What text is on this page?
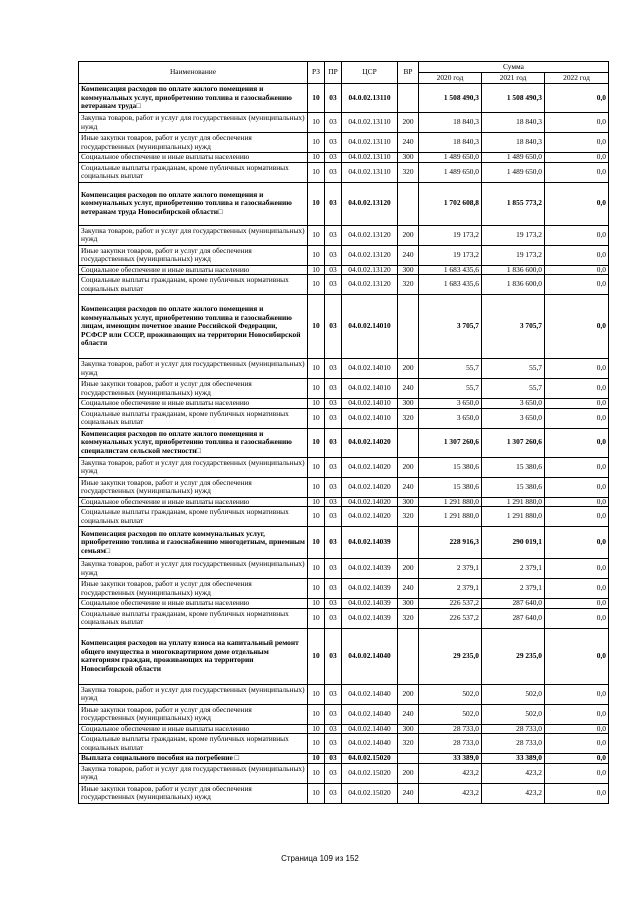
Наименование	РЗ	ПР	ЦСР	ВР	Сумма		
					2020 год	2021 год	2022 год
Компенсация расходов по оплате жилого помещения и коммунальных услуг, приобретению топлива и газоснабжению ветеранам труда□	10	03	04.0.02.13110		1 508 490,3	1 508 490,3	0,0
Закупка товаров, работ и услуг для государственных (муниципальных) нужд	10	03	04.0.02.13110	200	18 840,3	18 840,3	0,0
Иные закупки товаров, работ и услуг для обеспечения государственных (муниципальных) нужд	10	03	04.0.02.13110	240	18 840,3	18 840,3	0,0
Социальное обеспечение и иные выплаты населению	10	03	04.0.02.13110	300	1 489 650,0	1 489 650,0	0,0
Социальные выплаты гражданам, кроме публичных нормативных социальных выплат	10	03	04.0.02.13110	320	1 489 650,0	1 489 650,0	0,0
Компенсация расходов по оплате жилого помещения и коммунальных услуг, приобретению топлива и газоснабжению ветеранам труда Новосибирской области□	10	03	04.0.02.13120		1 702 608,8	1 855 773,2	0,0
Закупка товаров, работ и услуг для государственных (муниципальных) нужд	10	03	04.0.02.13120	200	19 173,2	19 173,2	0,0
Иные закупки товаров, работ и услуг для обеспечения государственных (муниципальных) нужд	10	03	04.0.02.13120	240	19 173,2	19 173,2	0,0
Социальное обеспечение и иные выплаты населению	10	03	04.0.02.13120	300	1 683 435,6	1 836 600,0	0,0
Социальные выплаты гражданам, кроме публичных нормативных социальных выплат	10	03	04.0.02.13120	320	1 683 435,6	1 836 600,0	0,0
Компенсация расходов по оплате жилого помещения и коммунальных услуг, приобретению топлива и газоснабжению лицам, имеющим почетное звание Российской Федерации, РСФСР или СССР, проживающих на территории Новосибирской области	10	03	04.0.02.14010		3 705,7	3 705,7	0,0
Закупка товаров, работ и услуг для государственных (муниципальных) нужд	10	03	04.0.02.14010	200	55,7	55,7	0,0
Иные закупки товаров, работ и услуг для обеспечения государственных (муниципальных) нужд	10	03	04.0.02.14010	240	55,7	55,7	0,0
Социальное обеспечение и иные выплаты населению	10	03	04.0.02.14010	300	3 650,0	3 650,0	0,0
Социальные выплаты гражданам, кроме публичных нормативных социальных выплат	10	03	04.0.02.14010	320	3 650,0	3 650,0	0,0
Компенсация расходов по оплате жилого помещения и коммунальных услуг, приобретению топлива и газоснабжению специалистам сельской местности□	10	03	04.0.02.14020		1 307 260,6	1 307 260,6	0,0
Закупка товаров, работ и услуг для государственных (муниципальных) нужд	10	03	04.0.02.14020	200	15 380,6	15 380,6	0,0
Иные закупки товаров, работ и услуг для обеспечения государственных (муниципальных) нужд	10	03	04.0.02.14020	240	15 380,6	15 380,6	0,0
Социальное обеспечение и иные выплаты населению	10	03	04.0.02.14020	300	1 291 880,0	1 291 880,0	0,0
Социальные выплаты гражданам, кроме публичных нормативных социальных выплат	10	03	04.0.02.14020	320	1 291 880,0	1 291 880,0	0,0
Компенсация расходов по оплате коммунальных услуг, приобретению топлива и газоснабжению многодетным, приемным семьям□	10	03	04.0.02.14039		228 916,3	290 019,1	0,0
Закупка товаров, работ и услуг для государственных (муниципальных) нужд	10	03	04.0.02.14039	200	2 379,1	2 379,1	0,0
Иные закупки товаров, работ и услуг для обеспечения государственных (муниципальных) нужд	10	03	04.0.02.14039	240	2 379,1	2 379,1	0,0
Социальное обеспечение и иные выплаты населению	10	03	04.0.02.14039	300	226 537,2	287 640,0	0,0
Социальные выплаты гражданам, кроме публичных нормативных социальных выплат	10	03	04.0.02.14039	320	226 537,2	287 640,0	0,0
Компенсация расходов на уплату взноса на капитальный ремонт общего имущества в многоквартирном доме отдельным категориям граждан, проживающих на территории Новосибирской области	10	03	04.0.02.14040		29 235,0	29 235,0	0,0
Закупка товаров, работ и услуг для государственных (муниципальных) нужд	10	03	04.0.02.14040	200	502,0	502,0	0,0
Иные закупки товаров, работ и услуг для обеспечения государственных (муниципальных) нужд	10	03	04.0.02.14040	240	502,0	502,0	0,0
Социальное обеспечение и иные выплаты населению	10	03	04.0.02.14040	300	28 733,0	28 733,0	0,0
Социальные выплаты гражданам, кроме публичных нормативных социальных выплат	10	03	04.0.02.14040	320	28 733,0	28 733,0	0,0
Выплата социального пособия на погребение □	10	03	04.0.02.15020		33 389,0	33 389,0	0,0
Закупка товаров, работ и услуг для государственных (муниципальных) нужд	10	03	04.0.02.15020	200	423,2	423,2	0,0
Иные закупки товаров, работ и услуг для обеспечения государственных (муниципальных) нужд	10	03	04.0.02.15020	240	423,2	423,2	0,0
Страница 109 из 152
